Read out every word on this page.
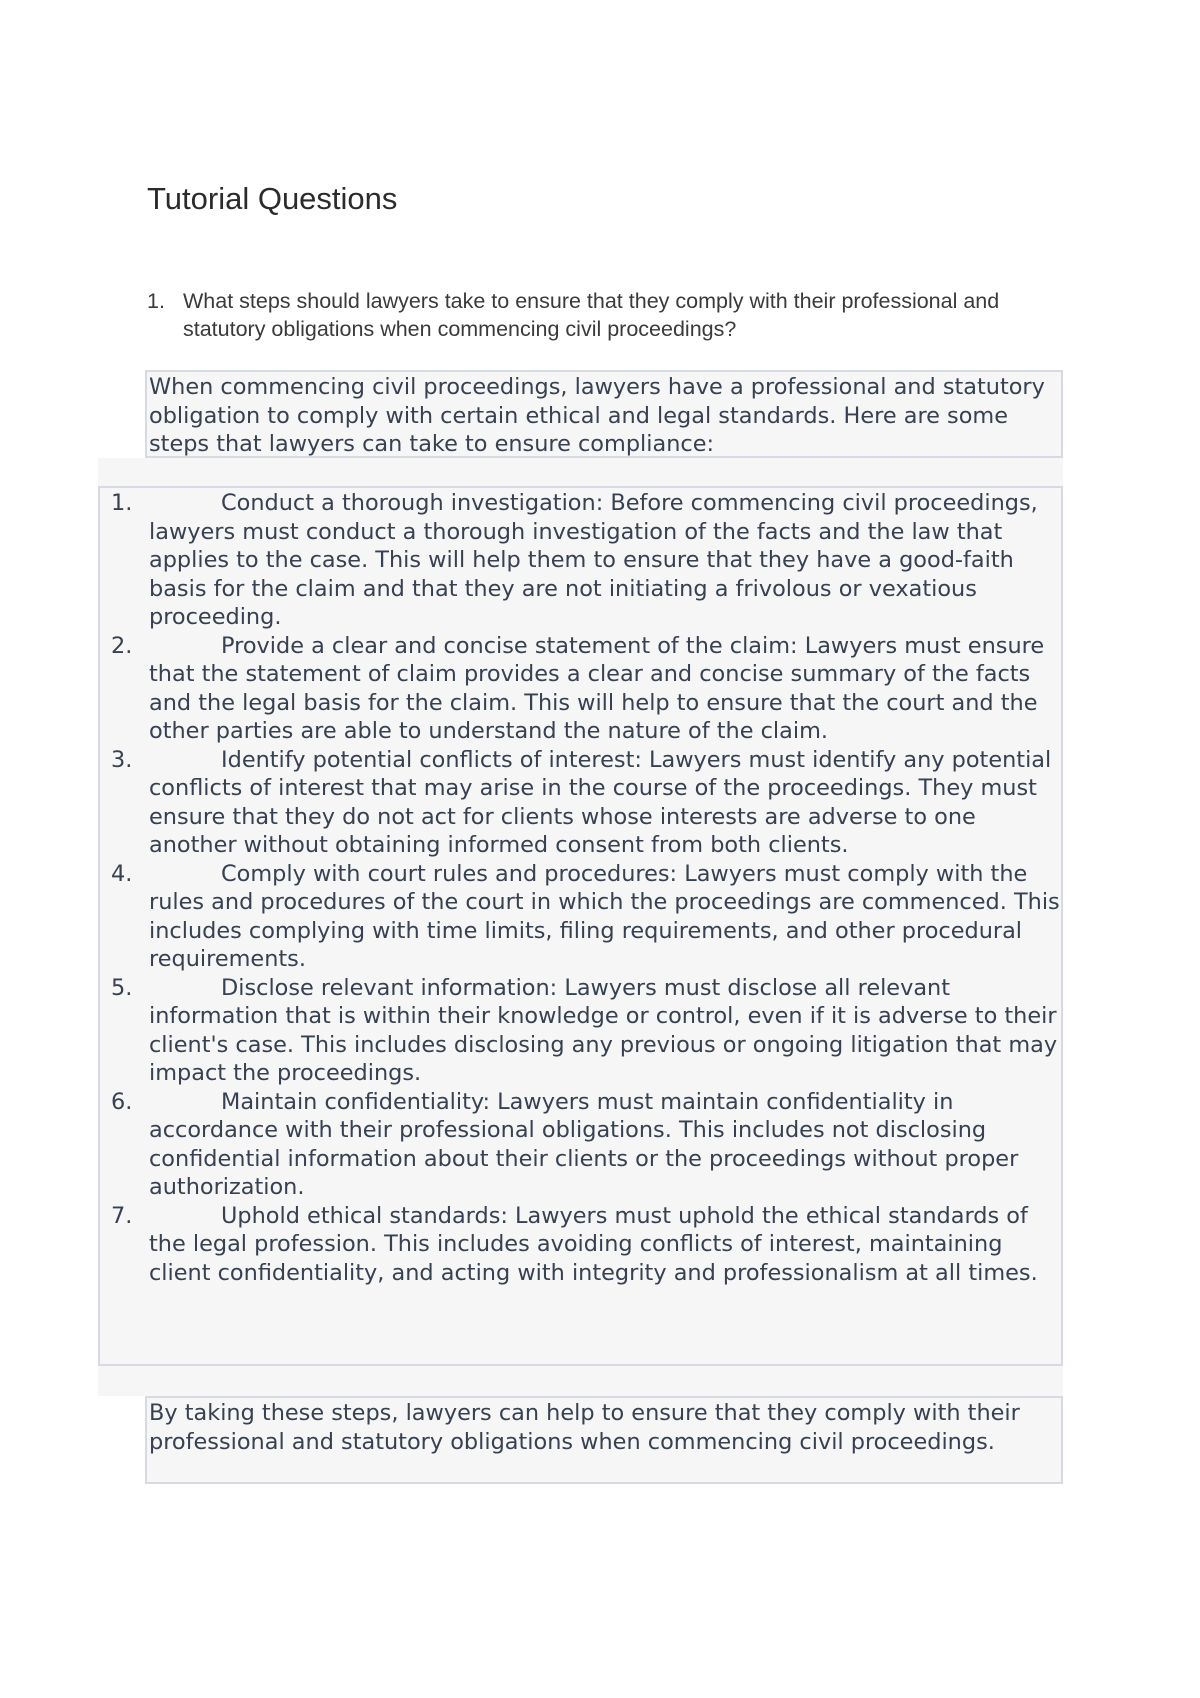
Tutorial Questions
1. What steps should lawyers take to ensure that they comply with their professional and statutory obligations when commencing civil proceedings?

When commencing civil proceedings, lawyers have a professional and statutory obligation to comply with certain ethical and legal standards. Here are some steps that lawyers can take to ensure compliance:

1.	Conduct a thorough investigation: Before commencing civil proceedings, lawyers must conduct a thorough investigation of the facts and the law that applies to the case. This will help them to ensure that they have a good-faith basis for the claim and that they are not initiating a frivolous or vexatious proceeding.

2.	Provide a clear and concise statement of the claim: Lawyers must ensure that the statement of claim provides a clear and concise summary of the facts and the legal basis for the claim. This will help to ensure that the court and the other parties are able to understand the nature of the claim.

3.	Identify potential conflicts of interest: Lawyers must identify any potential conflicts of interest that may arise in the course of the proceedings. They must ensure that they do not act for clients whose interests are adverse to one another without obtaining informed consent from both clients.

4.	Comply with court rules and procedures: Lawyers must comply with the rules and procedures of the court in which the proceedings are commenced. This includes complying with time limits, filing requirements, and other procedural requirements.

5.	Disclose relevant information: Lawyers must disclose all relevant information that is within their knowledge or control, even if it is adverse to their client's case. This includes disclosing any previous or ongoing litigation that may impact the proceedings.

6.	Maintain confidentiality: Lawyers must maintain confidentiality in accordance with their professional obligations. This includes not disclosing confidential information about their clients or the proceedings without proper authorization.

7.	Uphold ethical standards: Lawyers must uphold the ethical standards of the legal profession. This includes avoiding conflicts of interest, maintaining client confidentiality, and acting with integrity and professionalism at all times.

By taking these steps, lawyers can help to ensure that they comply with their professional and statutory obligations when commencing civil proceedings.
